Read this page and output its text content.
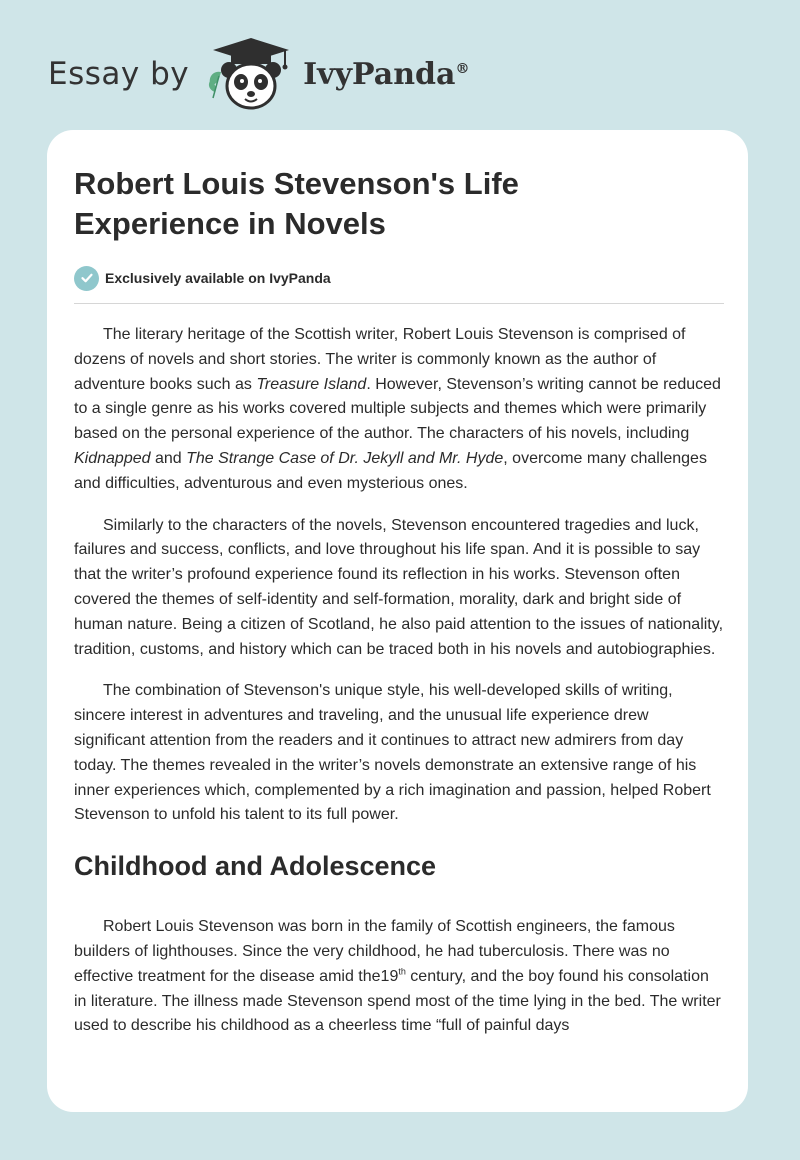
Essay by	IvyPanda®
Robert Louis Stevenson's Life Experience in Novels
Exclusively available on IvyPanda

The literary heritage of the Scottish writer, Robert Louis Stevenson is comprised of dozens of novels and short stories. The writer is commonly known as the author of adventure books such as Treasure Island. However, Stevenson’s writing cannot be reduced to a single genre as his works covered multiple subjects and themes which were primarily based on the personal experience of the author. The characters of his novels, including Kidnapped and The Strange Case of Dr. Jekyll and Mr. Hyde, overcome many challenges and difficulties, adventurous and even mysterious ones.

Similarly to the characters of the novels, Stevenson encountered tragedies and luck, failures and success, conflicts, and love throughout his life span. And it is possible to say that the writer’s profound experience found its reflection in his works. Stevenson often covered the themes of self-identity and self-formation, morality, dark and bright side of human nature. Being a citizen of Scotland, he also paid attention to the issues of nationality, tradition, customs, and history which can be traced both in his novels and autobiographies.

The combination of Stevenson's unique style, his well-developed skills of writing, sincere interest in adventures and traveling, and the unusual life experience drew significant attention from the readers and it continues to attract new admirers from day today. The themes revealed in the writer’s novels demonstrate an extensive range of his inner experiences which, complemented by a rich imagination and passion, helped Robert Stevenson to unfold his talent to its full power.

Childhood and Adolescence

Robert Louis Stevenson was born in the family of Scottish engineers, the famous builders of lighthouses. Since the very childhood, he had tuberculosis. There was no effective treatment for the disease amid the19th century, and the boy found his consolation in literature. The illness made Stevenson spend most of the time lying in the bed. The writer used to describe his childhood as a cheerless time “full of painful days
